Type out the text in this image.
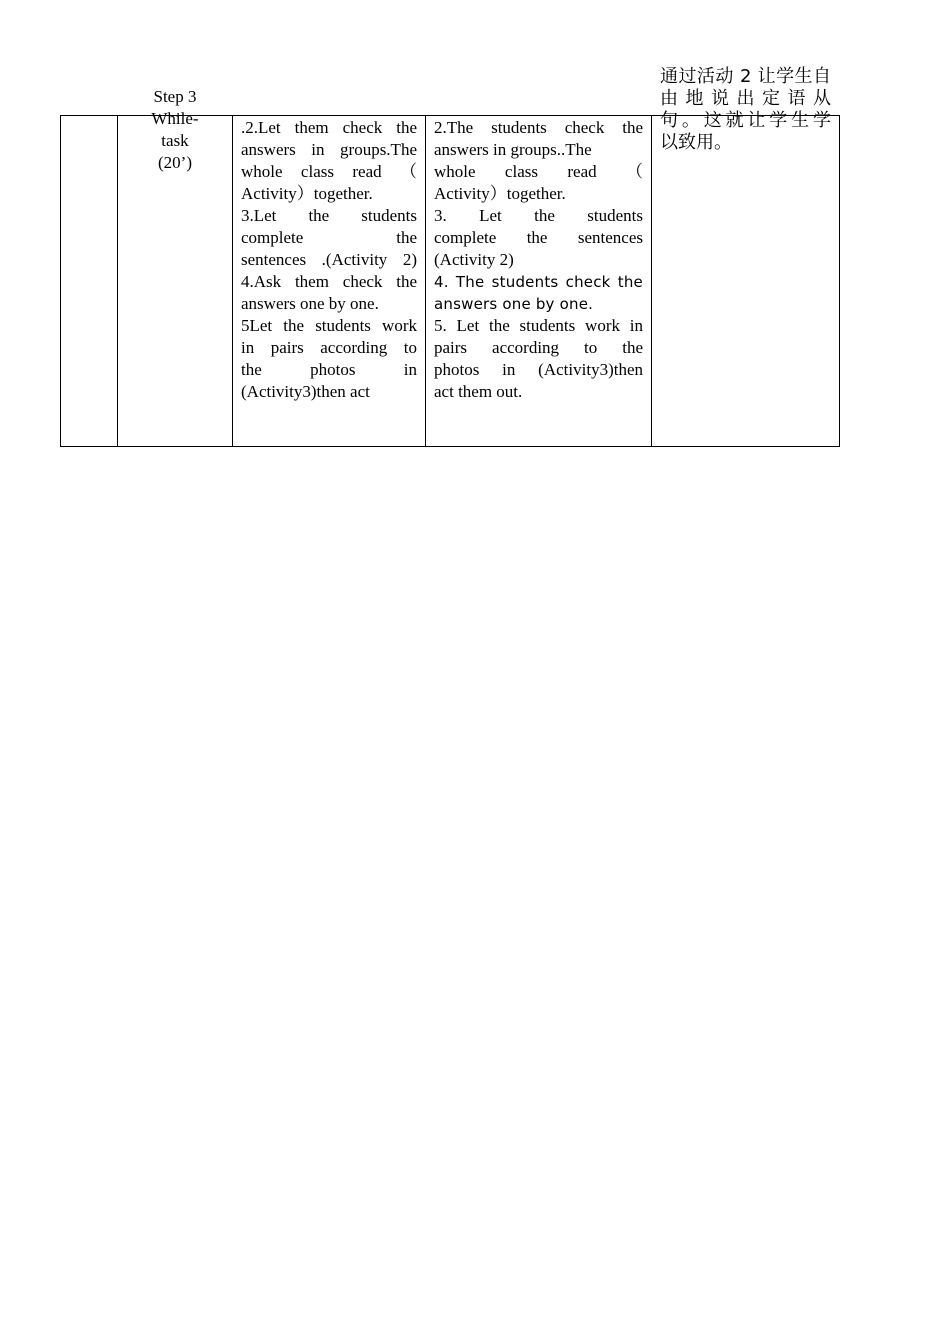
Step 3
While-
task
(20’)

.2.Let them check the
answers in groups.The
whole class read （
Activity）together.
3.Let the students
complete the
sentences .(Activity 2)
4.Ask them check the
answers one by one.
5Let the students work
in pairs according to
the photos in
(Activity3)then act

2.The students check the
answers in groups..The
whole class read （
Activity）together.
3. Let the students
complete the sentences
(Activity 2)
4. The students check the
answers one by one.
5. Let the students work in
pairs according to the
photos in (Activity3)then
act them out.

通过活动 2 让学生自
由地说出定语从
句。这就让学生学
以致用。
